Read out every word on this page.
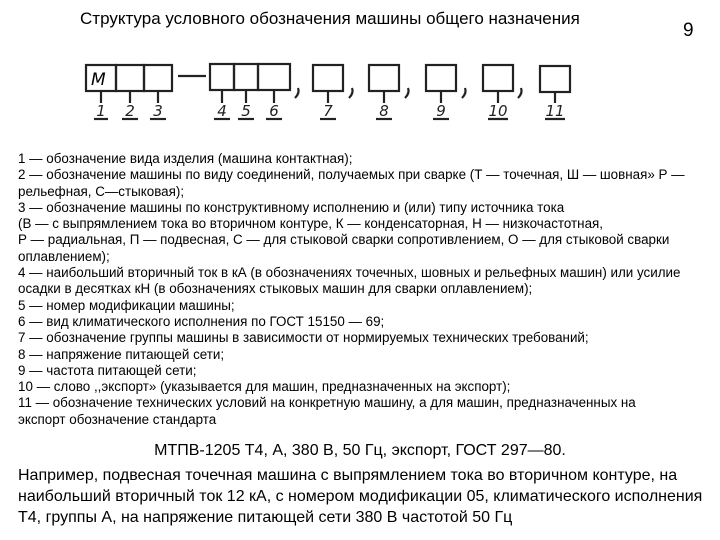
Структура условного обозначения машины общего назначения
9
М
1 2 3	4 5 6	7	8	9	10	11

1 — обозначение вида изделия (машина контактная);

2 — обозначение машины по виду соединений, получаемых при сварке (Т — точечная, Ш — шовная» Р —

рельефная, С—стыковая);

3 — обозначение машины по конструктивному исполнению и (или) типу источника тока

(В — с выпрямлением тока во вторичном контуре, К — конденсаторная, Н — низкочастотная,

Р — радиальная, П — подвесная, С — для стыковой сварки сопротивлением, О — для стыковой сварки

оплавлением);

4 — наибольший вторичный ток в кА (в обозначениях точечных, шовных и рельефных машин) или усилие

осадки в десятках кН (в обозначениях стыковых машин для сварки оплавлением);

5 — номер модификации машины;

6 — вид климатического исполнения по ГОСТ 15150 — 69;

7 — обозначение группы машины в зависимости от нормируемых технических требований;

8 — напряжение питающей сети;

9 — частота питающей сети;

10 — слово ,,экспорт» (указывается для машин, предназначенных на экспорт);

11 — обозначение технических условий на конкретную машину, а для машин, предназначенных на

экспорт обозначение стандарта

МТПВ-1205 Т4, А, 380 В, 50 Гц, экспорт, ГОСТ 297—80.

Например, подвесная точечная машина с выпрямлением тока во вторичном контуре, на

наибольший вторичный ток 12 кА, с номером модификации 05, климатического исполнения

Т4, группы А, на напряжение питающей сети 380 В частотой 50 Гц
